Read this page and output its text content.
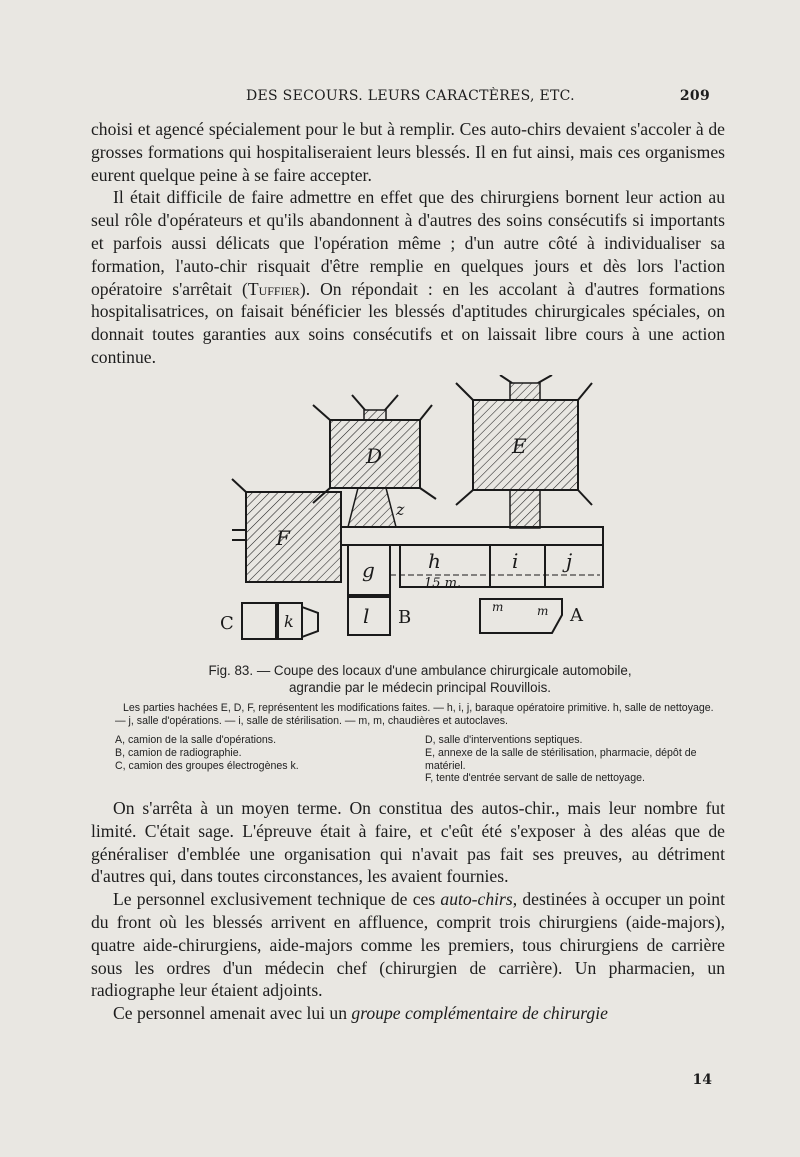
DES SECOURS. LEURS CARACTÈRES, ETC.	209

choisi et agencé spécialement pour le but à remplir. Ces auto-chirs devaient s'accoler à de grosses formations qui hospitaliseraient leurs blessés. Il en fut ainsi, mais ces organismes eurent quelque peine à se faire accepter.

Il était difficile de faire admettre en effet que des chirurgiens bornent leur action au seul rôle d'opérateurs et qu'ils abandonnent à d'autres des soins consécutifs si importants et parfois aussi délicats que l'opération même ; d'un autre côté à individualiser sa formation, l'auto-chir risquait d'être remplie en quelques jours et dès lors l'action opératoire s'arrêtait (Tuffier). On répondait : en les accolant à d'autres formations hospitalisatrices, on faisait bénéficier les blessés d'aptitudes chirurgicales spéciales, on donnait toutes garanties aux soins consécutifs et on laissait libre cours à une action continue.

D	E
F
z
h	i j
g
l
k
m	m
15 m.
B
C	A
Fig. 83. — Coupe des locaux d'une ambulance chirurgicale automobile,
agrandie par le médecin principal Rouvillois.
Les parties hachées E, D, F, représentent les modifications faites. — h, i, j, baraque opératoire primitive. h, salle de nettoyage. — j, salle d'opérations. — i, salle de stérilisation. — m, m, chaudières et autoclaves.
A, camion de la salle d'opérations.
B, camion de radiographie.
C, camion des groupes électrogènes k.
D, salle d'interventions septiques.
E, annexe de la salle de stérilisation, pharmacie, dépôt de matériel.
F, tente d'entrée servant de salle de nettoyage.

On s'arrêta à un moyen terme. On constitua des autos-chir., mais leur nombre fut limité. C'était sage. L'épreuve était à faire, et c'eût été s'exposer à des aléas que de généraliser d'emblée une organisation qui n'avait pas fait ses preuves, au détriment d'autres qui, dans toutes circonstances, les avaient fournies.

Le personnel exclusivement technique de ces auto-chirs, destinées à occuper un point du front où les blessés arrivent en affluence, comprit trois chirurgiens (aide-majors), quatre aide-chirurgiens, aide-majors comme les premiers, tous chirurgiens de carrière sous les ordres d'un médecin chef (chirurgien de carrière). Un pharmacien, un radiographe leur étaient adjoints.

Ce personnel amenait avec lui un groupe complémentaire de chirurgie

14
